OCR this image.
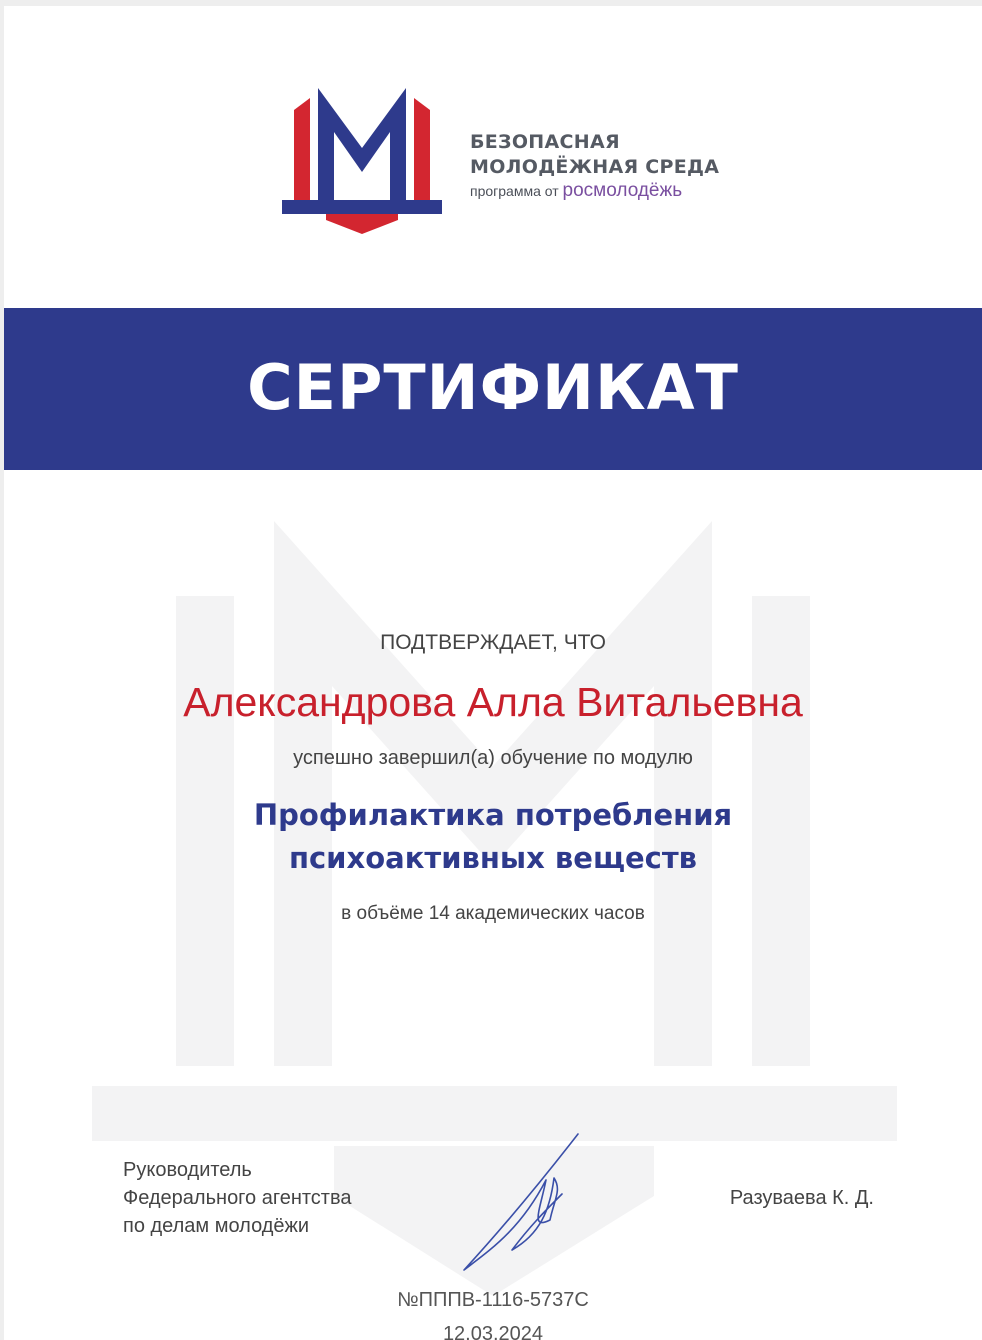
БЕЗОПАСНАЯ
МОЛОДЁЖНАЯ СРЕДА
программа от росмолодёжь
СЕРТИФИКАТ
ПОДТВЕРЖДАЕТ, ЧТО
Александрова Алла Витальевна
успешно завершил(а) обучение по модулю
Профилактика потребления
психоактивных веществ
в объёме 14 академических часов
Руководитель
Федерального агентства
по делам молодёжи
Разуваева К. Д.
№ПППВ-1116-5737С
12.03.2024
